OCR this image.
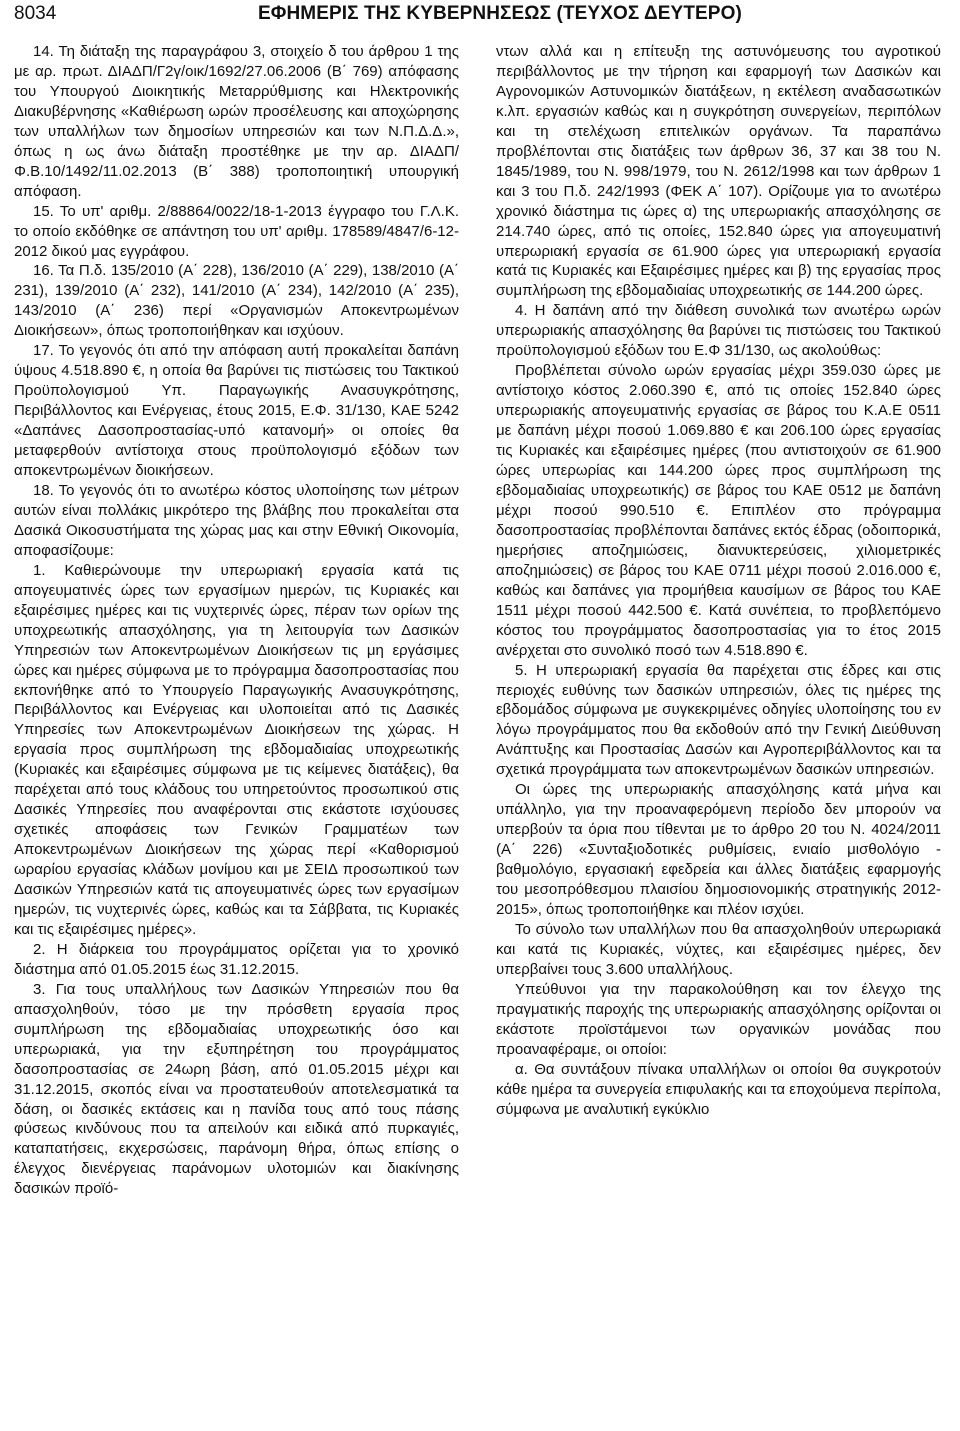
8034	ΕΦΗΜΕΡΙΣ ΤΗΣ ΚΥΒΕΡΝΗΣΕΩΣ (ΤΕΥΧΟΣ ΔΕΥΤΕΡΟ)

14. Τη διάταξη της παραγράφου 3, στοιχείο δ του άρθρου 1 της με αρ. πρωτ. ΔΙΑΔΠ/Γ2γ/οικ/1692/27.06.2006 (Β΄ 769) απόφασης του Υπουργού Διοικητικής Μεταρρύθμισης και Ηλεκτρονικής Διακυβέρνησης «Καθιέρωση ωρών προσέλευσης και αποχώρησης των υπαλλήλων των δημοσίων υπηρεσιών και των Ν.Π.Δ.Δ.», όπως η ως άνω διάταξη προστέθηκε με την αρ. ΔΙΑΔΠ/Φ.Β.10/1492/11.02.2013 (Β΄ 388) τροποποιητική υπουργική απόφαση.

15. Το υπ' αριθμ. 2/88864/0022/18-1-2013 έγγραφο του Γ.Λ.Κ. το οποίο εκδόθηκε σε απάντηση του υπ' αριθμ. 178589/4847/6-12-2012 δικού μας εγγράφου.

16. Τα Π.δ. 135/2010 (Α΄ 228), 136/2010 (Α΄ 229), 138/2010 (Α΄ 231), 139/2010 (Α΄ 232), 141/2010 (Α΄ 234), 142/2010 (Α΄ 235), 143/2010 (Α΄ 236) περί «Οργανισμών Αποκεντρωμένων Διοικήσεων», όπως τροποποιήθηκαν και ισχύουν.

17. Το γεγονός ότι από την απόφαση αυτή προκαλείται δαπάνη ύψους 4.518.890 €, η οποία θα βαρύνει τις πιστώσεις του Τακτικού Προϋπολογισμού Υπ. Παραγωγικής Ανασυγκρότησης, Περιβάλλοντος και Ενέργειας, έτους 2015, Ε.Φ. 31/130, ΚΑΕ 5242 «Δαπάνες Δασοπροστασίας-υπό κατανομή» οι οποίες θα μεταφερθούν αντίστοιχα στους προϋπολογισμό εξόδων των αποκεντρωμένων διοικήσεων.

18. Το γεγονός ότι το ανωτέρω κόστος υλοποίησης των μέτρων αυτών είναι πολλάκις μικρότερο της βλάβης που προκαλείται στα Δασικά Οικοσυστήματα της χώρας μας και στην Εθνική Οικονομία, αποφασίζουμε:

1. Καθιερώνουμε την υπερωριακή εργασία κατά τις απογευματινές ώρες των εργασίμων ημερών, τις Κυριακές και εξαιρέσιμες ημέρες και τις νυχτερινές ώρες, πέραν των ορίων της υποχρεωτικής απασχόλησης, για τη λειτουργία των Δασικών Υπηρεσιών των Αποκεντρωμένων Διοικήσεων τις μη εργάσιμες ώρες και ημέρες σύμφωνα με το πρόγραμμα δασοπροστασίας που εκπονήθηκε από το Υπουργείο Παραγωγικής Ανασυγκρότησης, Περιβάλλοντος και Ενέργειας και υλοποιείται από τις Δασικές Υπηρεσίες των Αποκεντρωμένων Διοικήσεων της χώρας. Η εργασία προς συμπλήρωση της εβδομαδιαίας υποχρεωτικής (Κυριακές και εξαιρέσιμες σύμφωνα με τις κείμενες διατάξεις), θα παρέχεται από τους κλάδους του υπηρετούντος προσωπικού στις Δασικές Υπηρεσίες που αναφέρονται στις εκάστοτε ισχύουσες σχετικές αποφάσεις των Γενικών Γραμματέων των Αποκεντρωμένων Διοικήσεων της χώρας περί «Καθορισμού ωραρίου εργασίας κλάδων μονίμου και με ΣΕΙΔ προσωπικού των Δασικών Υπηρεσιών κατά τις απογευματινές ώρες των εργασίμων ημερών, τις νυχτερινές ώρες, καθώς και τα Σάββατα, τις Κυριακές και τις εξαιρέσιμες ημέρες».

2. Η διάρκεια του προγράμματος ορίζεται για το χρονικό διάστημα από 01.05.2015 έως 31.12.2015.

3. Για τους υπαλλήλους των Δασικών Υπηρεσιών που θα απασχοληθούν, τόσο με την πρόσθετη εργασία προς συμπλήρωση της εβδομαδιαίας υποχρεωτικής όσο και υπερωριακά, για την εξυπηρέτηση του προγράμματος δασοπροστασίας σε 24ωρη βάση, από 01.05.2015 μέχρι και 31.12.2015, σκοπός είναι να προστατευθούν αποτελεσματικά τα δάση, οι δασικές εκτάσεις και η πανίδα τους από τους πάσης φύσεως κινδύνους που τα απειλούν και ειδικά από πυρκαγιές, καταπατήσεις, εκχερσώσεις, παράνομη θήρα, όπως επίσης ο έλεγχος διενέργειας παράνομων υλοτομιών και διακίνησης δασικών προϊό-

ντων αλλά και η επίτευξη της αστυνόμευσης του αγροτικού περιβάλλοντος με την τήρηση και εφαρμογή των Δασικών και Αγρονομικών Αστυνομικών διατάξεων, η εκτέλεση αναδασωτικών κ.λπ. εργασιών καθώς και η συγκρότηση συνεργείων, περιπόλων και τη στελέχωση επιτελικών οργάνων. Τα παραπάνω προβλέπονται στις διατάξεις των άρθρων 36, 37 και 38 του Ν. 1845/1989, του Ν. 998/1979, του Ν. 2612/1998 και των άρθρων 1 και 3 του Π.δ. 242/1993 (ΦΕΚ Α΄ 107). Ορίζουμε για το ανωτέρω χρονικό διάστημα τις ώρες α) της υπερωριακής απασχόλησης σε 214.740 ώρες, από τις οποίες, 152.840 ώρες για απογευματινή υπερωριακή εργασία σε 61.900 ώρες για υπερωριακή εργασία κατά τις Κυριακές και Εξαιρέσιμες ημέρες και β) της εργασίας προς συμπλήρωση της εβδομαδιαίας υποχρεωτικής σε 144.200 ώρες.

4. Η δαπάνη από την διάθεση συνολικά των ανωτέρω ωρών υπερωριακής απασχόλησης θα βαρύνει τις πιστώσεις του Τακτικού προϋπολογισμού εξόδων του Ε.Φ 31/130, ως ακολούθως:

Προβλέπεται σύνολο ωρών εργασίας μέχρι 359.030 ώρες με αντίστοιχο κόστος 2.060.390 €, από τις οποίες 152.840 ώρες υπερωριακής απογευματινής εργασίας σε βάρος του Κ.Α.Ε 0511 με δαπάνη μέχρι ποσού 1.069.880 € και 206.100 ώρες εργασίας τις Κυριακές και εξαιρέσιμες ημέρες (που αντιστοιχούν σε 61.900 ώρες υπερωρίας και 144.200 ώρες προς συμπλήρωση της εβδομαδιαίας υποχρεωτικής) σε βάρος του ΚΑΕ 0512 με δαπάνη μέχρι ποσού 990.510 €. Επιπλέον στο πρόγραμμα δασοπροστασίας προβλέπονται δαπάνες εκτός έδρας (οδοιπορικά, ημερήσιες αποζημιώσεις, διανυκτερεύσεις, χιλιομετρικές αποζημιώσεις) σε βάρος του ΚΑΕ 0711 μέχρι ποσού 2.016.000 €, καθώς και δαπάνες για προμήθεια καυσίμων σε βάρος του ΚΑΕ 1511 μέχρι ποσού 442.500 €. Κατά συνέπεια, το προβλεπόμενο κόστος του προγράμματος δασοπροστασίας για το έτος 2015 ανέρχεται στο συνολικό ποσό των 4.518.890 €.

5. Η υπερωριακή εργασία θα παρέχεται στις έδρες και στις περιοχές ευθύνης των δασικών υπηρεσιών, όλες τις ημέρες της εβδομάδος σύμφωνα με συγκεκριμένες οδηγίες υλοποίησης του εν λόγω προγράμματος που θα εκδοθούν από την Γενική Διεύθυνση Ανάπτυξης και Προστασίας Δασών και Αγροπεριβάλλοντος και τα σχετικά προγράμματα των αποκεντρωμένων δασικών υπηρεσιών.

Οι ώρες της υπερωριακής απασχόλησης κατά μήνα και υπάλληλο, για την προαναφερόμενη περίοδο δεν μπορούν να υπερβούν τα όρια που τίθενται με το άρθρο 20 του Ν. 4024/2011 (Α΄ 226) «Συνταξιοδοτικές ρυθμίσεις, ενιαίο μισθολόγιο - βαθμολόγιο, εργασιακή εφεδρεία και άλλες διατάξεις εφαρμογής του μεσοπρόθεσμου πλαισίου δημοσιονομικής στρατηγικής 2012-2015», όπως τροποποιήθηκε και πλέον ισχύει.

Το σύνολο των υπαλλήλων που θα απασχοληθούν υπερωριακά και κατά τις Κυριακές, νύχτες, και εξαιρέσιμες ημέρες, δεν υπερβαίνει τους 3.600 υπαλλήλους.

Υπεύθυνοι για την παρακολούθηση και τον έλεγχο της πραγματικής παροχής της υπερωριακής απασχόλησης ορίζονται οι εκάστοτε προϊστάμενοι των οργανικών μονάδας που προαναφέραμε, οι οποίοι:

α. Θα συντάξουν πίνακα υπαλλήλων οι οποίοι θα συγκροτούν κάθε ημέρα τα συνεργεία επιφυλακής και τα εποχούμενα περίπολα, σύμφωνα με αναλυτική εγκύκλιο
